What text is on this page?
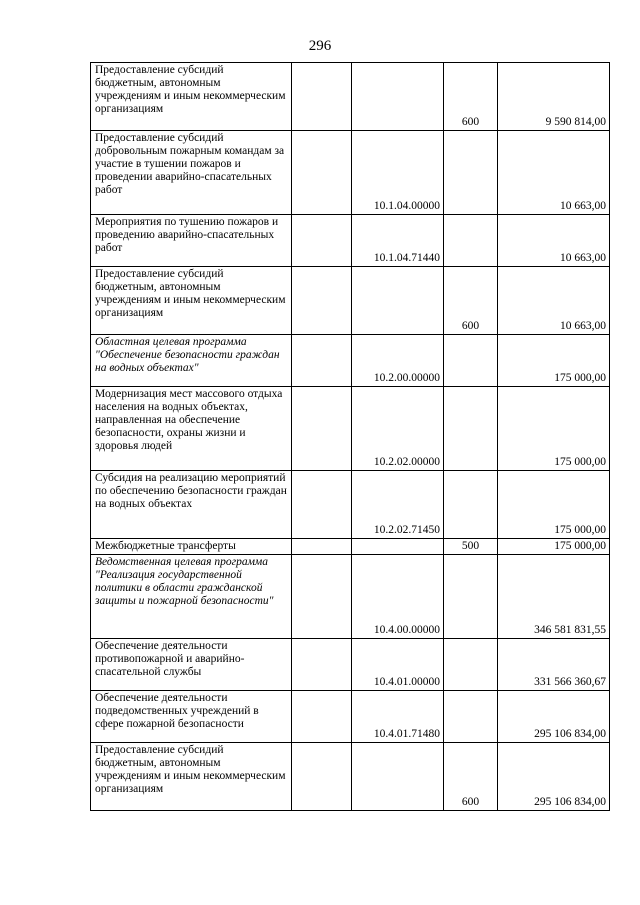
296
Предоставление субсидий бюджетным, автономным учреждениям и иным некоммерческим организациям			600	9 590 814,00
Предоставление субсидий добровольным пожарным командам за участие в тушении пожаров и проведении аварийно-спасательных работ		10.1.04.00000		10 663,00
Мероприятия по тушению пожаров и проведению аварийно-спасательных работ		10.1.04.71440		10 663,00
Предоставление субсидий бюджетным, автономным учреждениям и иным некоммерческим организациям			600	10 663,00
Областная целевая программа "Обеспечение безопасности граждан на водных объектах"		10.2.00.00000		175 000,00
Модернизация мест массового отдыха населения на водных объектах, направленная на обеспечение безопасности, охраны жизни и здоровья людей		10.2.02.00000		175 000,00
Субсидия на реализацию мероприятий по обеспечению безопасности граждан на водных объектах		10.2.02.71450		175 000,00
Межбюджетные трансферты			500	175 000,00
Ведомственная целевая программа "Реализация государственной политики в области гражданской защиты и пожарной безопасности"		10.4.00.00000		346 581 831,55
Обеспечение деятельности противопожарной и аварийно-спасательной службы		10.4.01.00000		331 566 360,67
Обеспечение деятельности подведомственных учреждений в сфере пожарной безопасности		10.4.01.71480		295 106 834,00
Предоставление субсидий бюджетным, автономным учреждениям и иным некоммерческим организациям			600	295 106 834,00
